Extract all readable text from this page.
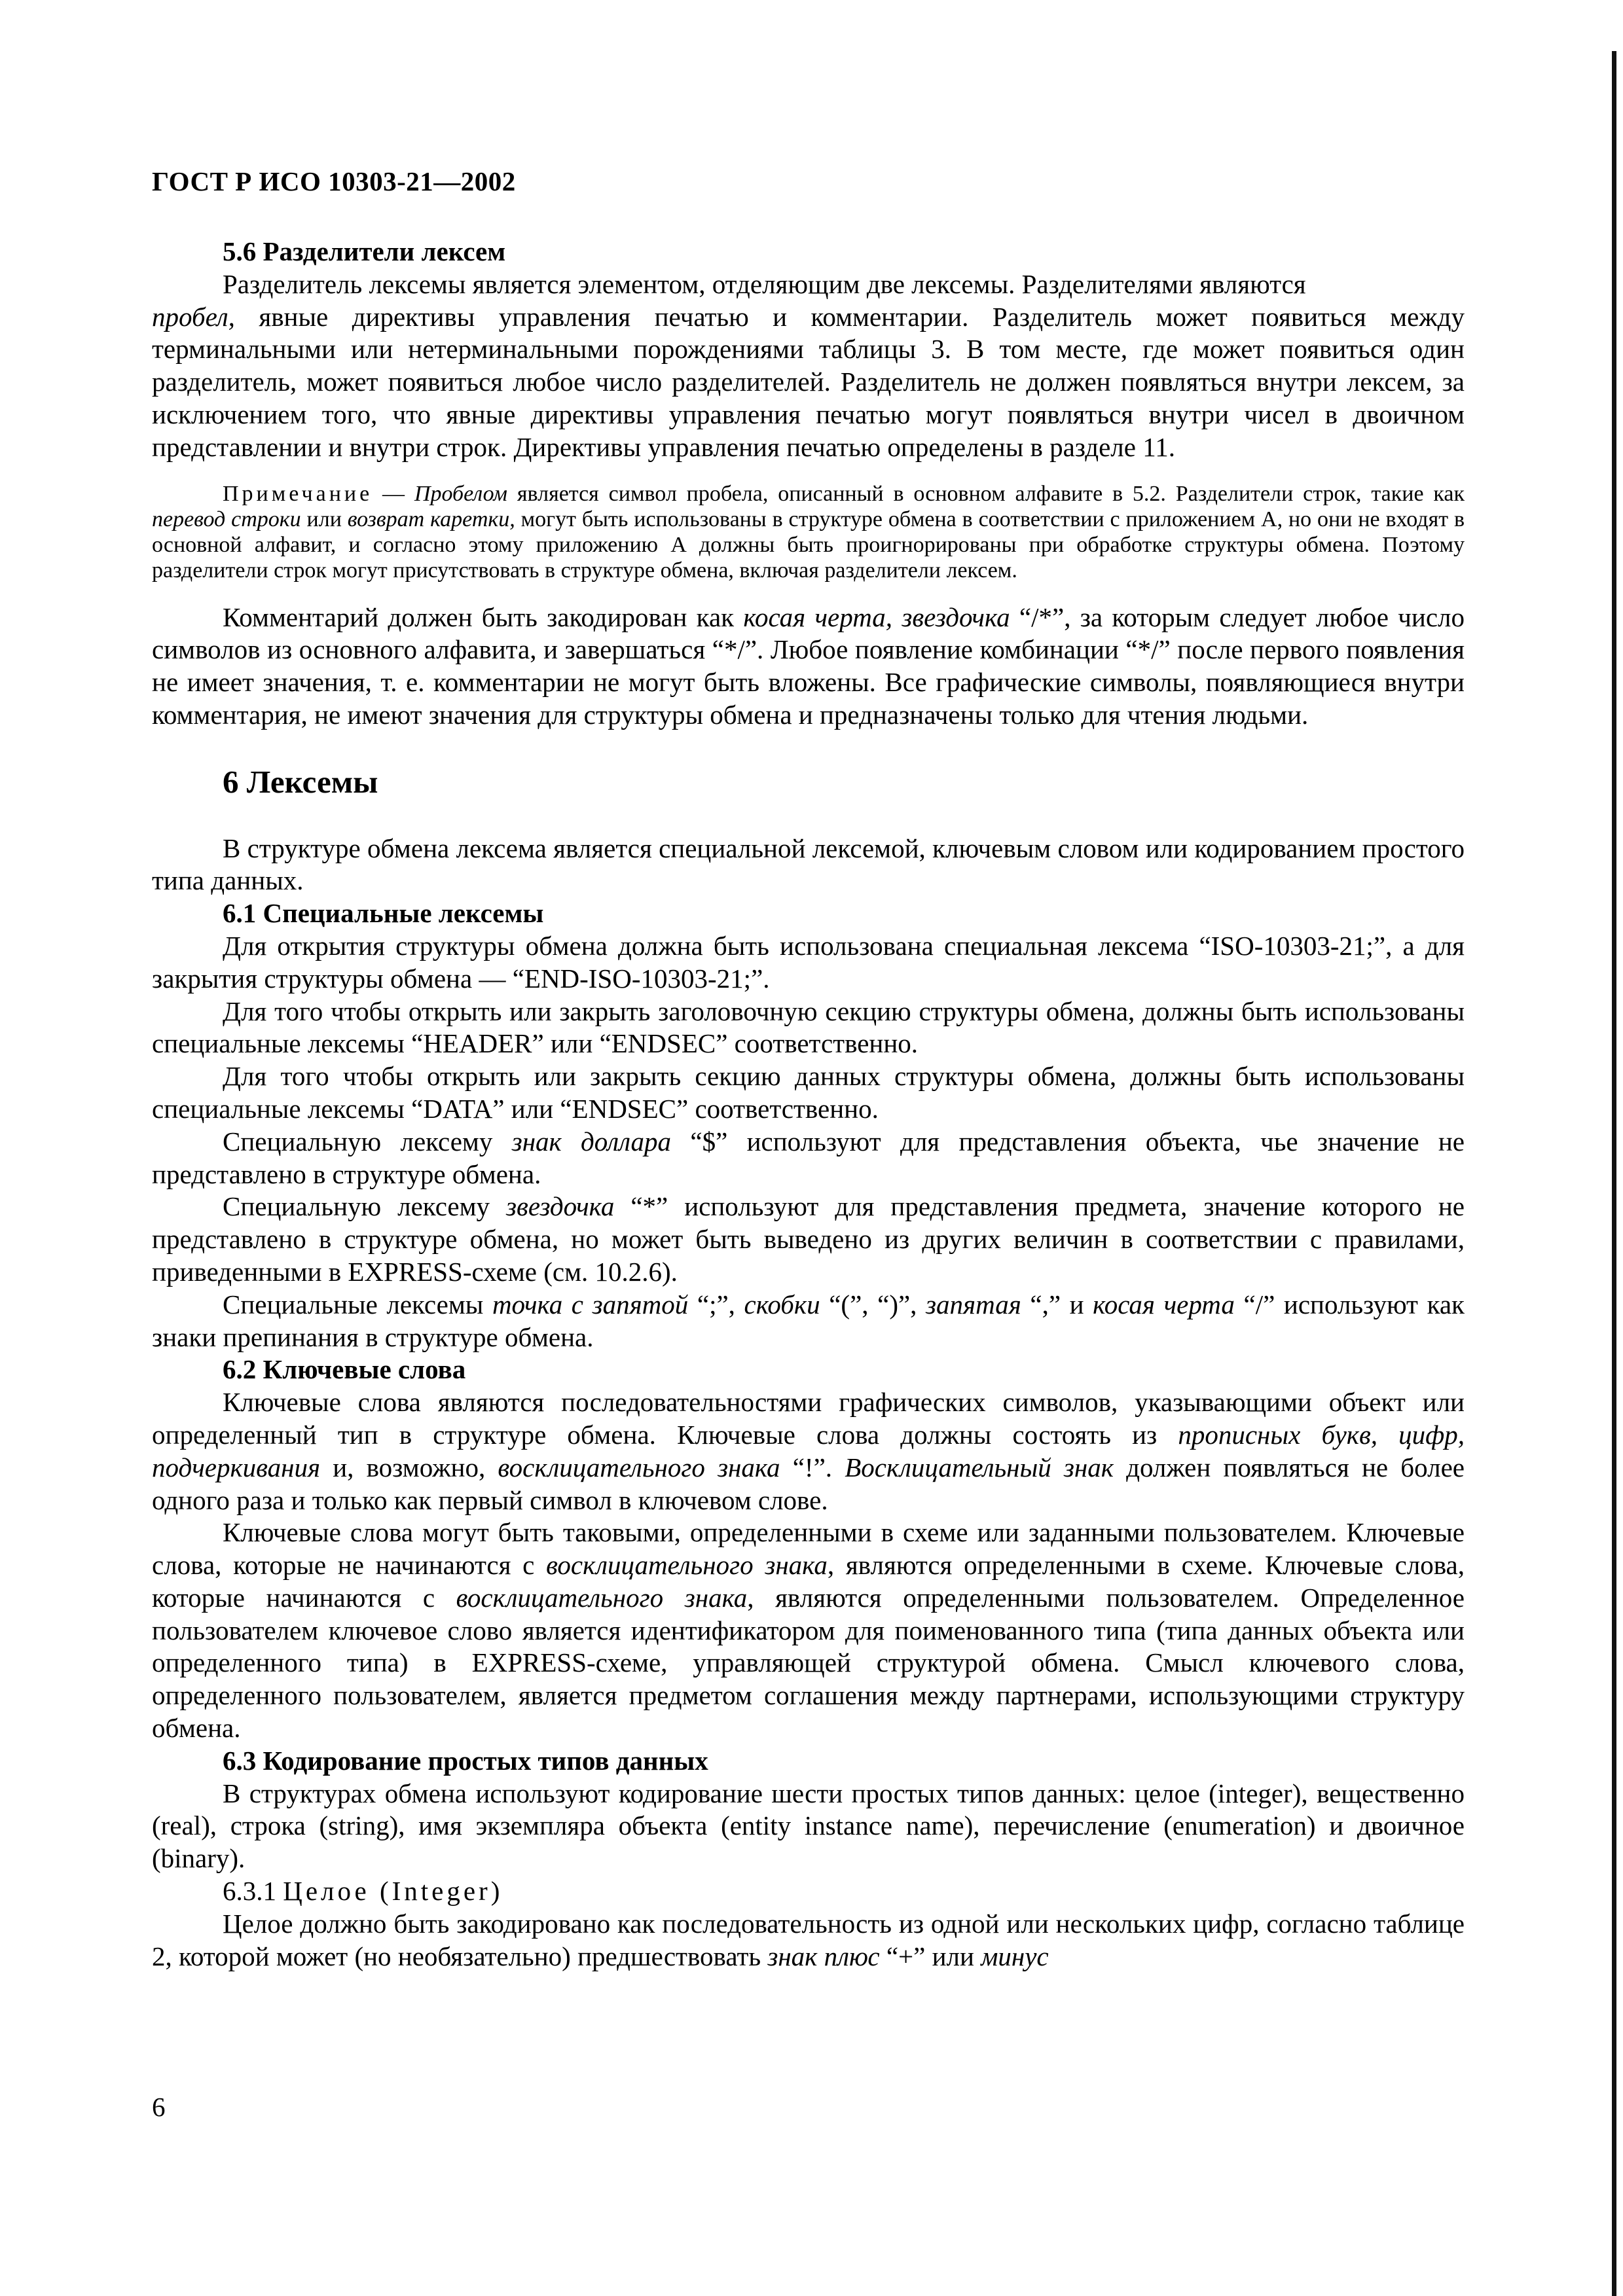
ГОСТ Р ИСО 10303-21—2002
5.6 Разделители лексем

Разделитель лексемы является элементом, отделяющим две лексемы. Разделителями являются
пробел, явные директивы управления печатью и комментарии. Разделитель может появиться между терминальными или нетерминальными порождениями таблицы 3. В том месте, где может появиться один разделитель, может появиться любое число разделителей. Разделитель не должен появляться внутри лексем, за исключением того, что явные директивы управления печатью могут появляться внутри чисел в двоичном представлении и внутри строк. Директивы управления печатью определены в разделе 11.

Примечание — Пробелом является символ пробела, описанный в основном алфавите в 5.2. Разделители строк, такие как перевод строки или возврат каретки, могут быть использованы в структуре обмена в соответствии с приложением А, но они не входят в основной алфавит, и согласно этому приложению А должны быть проигнорированы при обработке структуры обмена. Поэтому разделители строк могут присутствовать в структуре обмена, включая разделители лексем.

Комментарий должен быть закодирован как косая черта, звездочка “/*”, за которым следует любое число символов из основного алфавита, и завершаться “*/”. Любое появление комбинации “*/” после первого появления не имеет значения, т. е. комментарии не могут быть вложены. Все графические символы, появляющиеся внутри комментария, не имеют значения для структуры обмена и предназначены только для чтения людьми.

6 Лексемы

В структуре обмена лексема является специальной лексемой, ключевым словом или кодированием простого типа данных.

6.1 Специальные лексемы

Для открытия структуры обмена должна быть использована специальная лексема “ISO-10303-21;”, а для закрытия структуры обмена — “END-ISO-10303-21;”.

Для того чтобы открыть или закрыть заголовочную секцию структуры обмена, должны быть использованы специальные лексемы “HEADER” или “ENDSEC” соответственно.

Для того чтобы открыть или закрыть секцию данных структуры обмена, должны быть использованы специальные лексемы “DATA” или “ENDSEC” соответственно.

Специальную лексему знак доллара “$” используют для представления объекта, чье значение не представлено в структуре обмена.

Специальную лексему звездочка “*” используют для представления предмета, значение которого не представлено в структуре обмена, но может быть выведено из других величин в соответствии с правилами, приведенными в EXPRESS-схеме (см. 10.2.6).

Специальные лексемы точка с запятой “;”, скобки “(”, “)”, запятая “,” и косая черта “/” используют как знаки препинания в структуре обмена.

6.2 Ключевые слова

Ключевые слова являются последовательностями графических символов, указывающими объект или определенный тип в структуре обмена. Ключевые слова должны состоять из прописных букв, цифр, подчеркивания и, возможно, восклицательного знака “!”. Восклицательный знак должен появляться не более одного раза и только как первый символ в ключевом слове.

Ключевые слова могут быть таковыми, определенными в схеме или заданными пользователем. Ключевые слова, которые не начинаются с восклицательного знака, являются определенными в схеме. Ключевые слова, которые начинаются с восклицательного знака, являются определенными пользователем. Определенное пользователем ключевое слово является идентификатором для поименованного типа (типа данных объекта или определенного типа) в EXPRESS-схеме, управляющей структурой обмена. Смысл ключевого слова, определенного пользователем, является предметом соглашения между партнерами, использующими структуру обмена.

6.3 Кодирование простых типов данных

В структурах обмена используют кодирование шести простых типов данных: целое (integer), вещественно (real), строка (string), имя экземпляра объекта (entity instance name), перечисление (enumeration) и двоичное (binary).

6.3.1 Целое (Integer)

Целое должно быть закодировано как последовательность из одной или нескольких цифр, согласно таблице 2, которой может (но необязательно) предшествовать знак плюс “+” или минус

6
